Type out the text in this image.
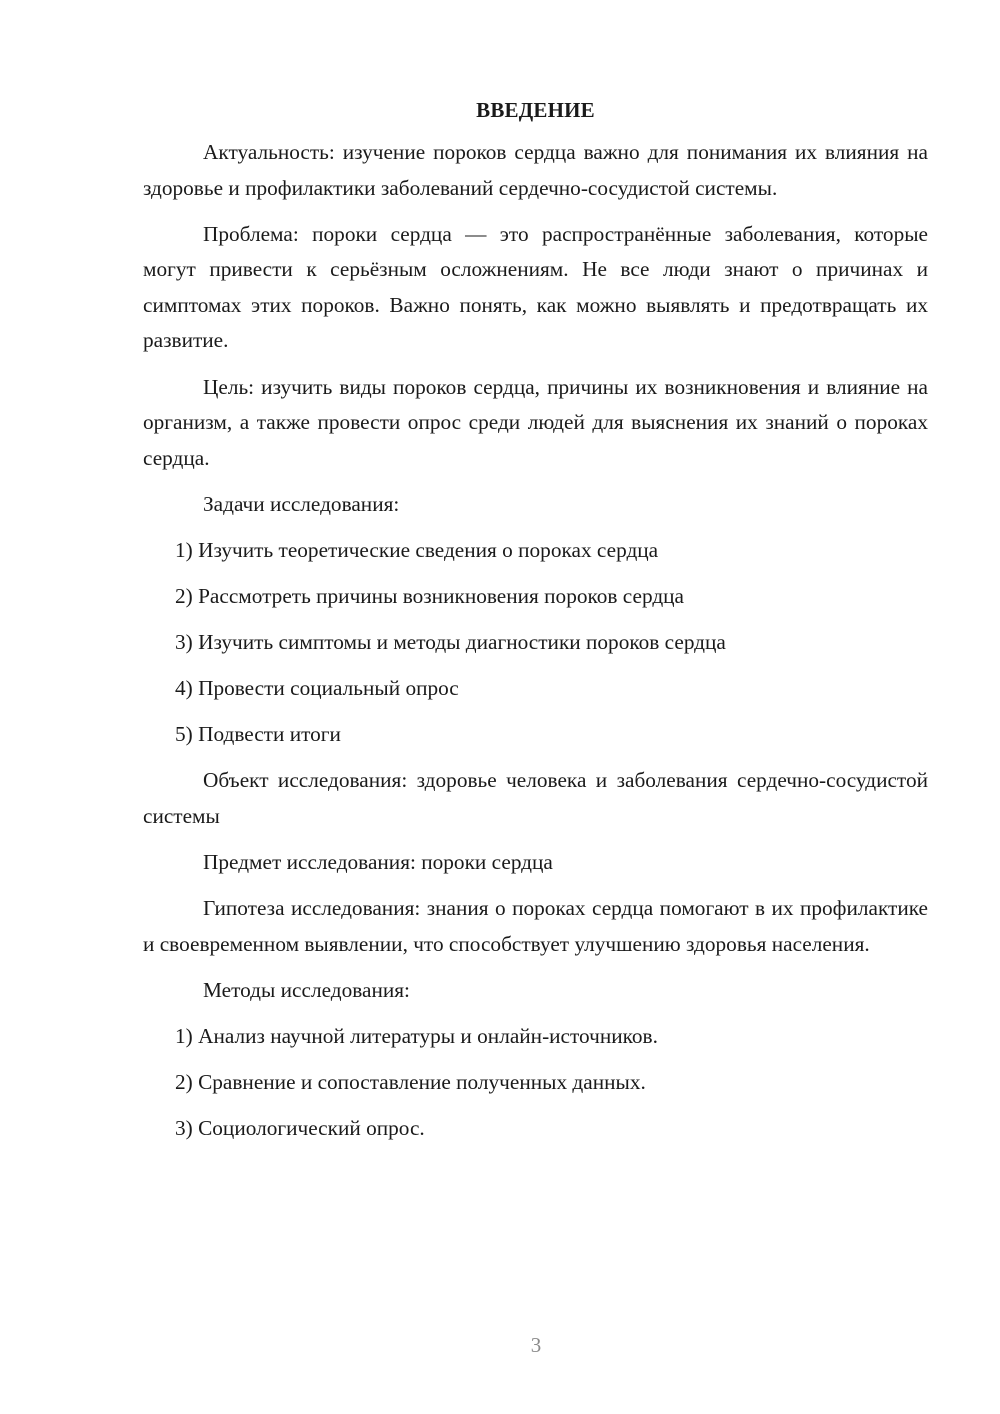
ВВЕДЕНИЕ

Актуальность: изучение пороков сердца важно для понимания их влияния на здоровье и профилактики заболеваний сердечно-сосудистой системы.

Проблема: пороки сердца — это распространённые заболевания, которые могут привести к серьёзным осложнениям. Не все люди знают о причинах и симптомах этих пороков. Важно понять, как можно выявлять и предотвращать их развитие.

Цель: изучить виды пороков сердца, причины их возникновения и влияние на организм, а также провести опрос среди людей для выяснения их знаний о пороках сердца.

Задачи исследования:

1) Изучить теоретические сведения о пороках сердца
2) Рассмотреть причины возникновения пороков сердца
3) Изучить симптомы и методы диагностики пороков сердца
4) Провести социальный опрос
5) Подвести итоги

Объект исследования: здоровье человека и заболевания сердечно-сосудистой системы

Предмет исследования: пороки сердца

Гипотеза исследования: знания о пороках сердца помогают в их профилактике и своевременном выявлении, что способствует улучшению здоровья населения.

Методы исследования:

1) Анализ научной литературы и онлайн-источников.
2) Сравнение и сопоставление полученных данных.
3) Социологический опрос.
3
